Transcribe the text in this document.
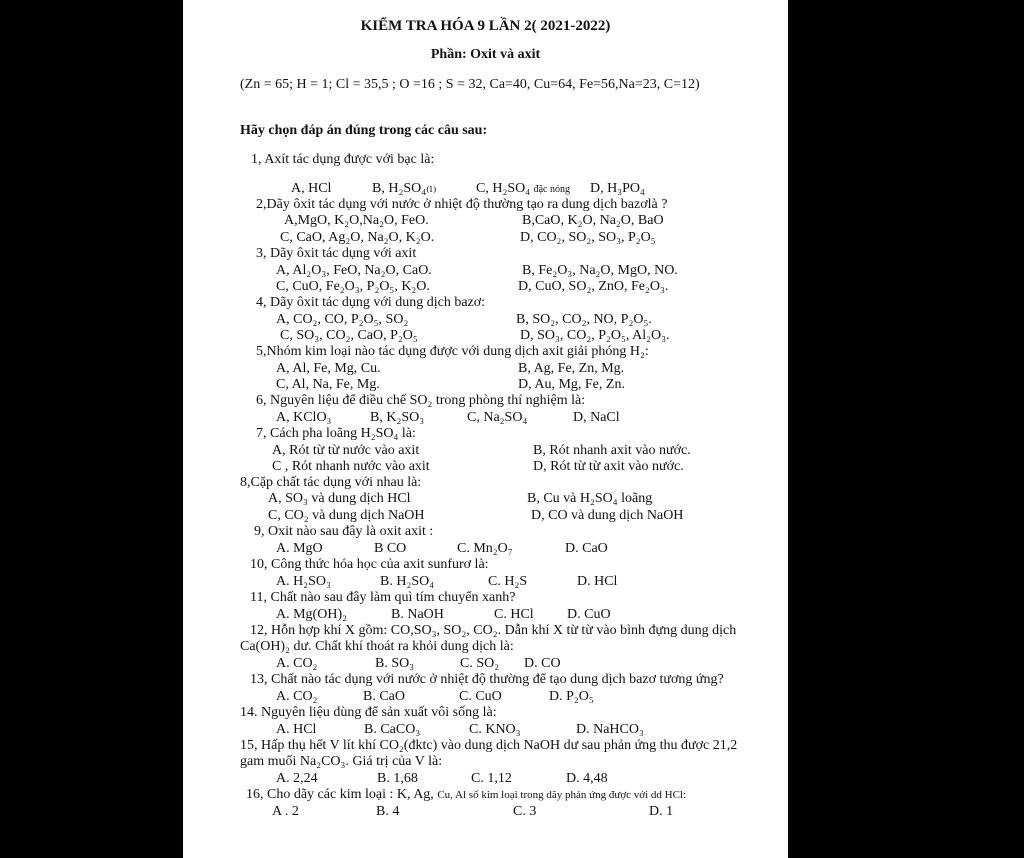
KIỂM TRA HÓA 9 LẦN 2( 2021-2022)
Phần: Oxit và axit
(Zn = 65; H = 1; Cl = 35,5 ; O =16 ; S = 32, Ca=40, Cu=64, Fe=56,Na=23, C=12)
Hãy chọn đáp án đúng trong các câu sau:
1, Axít tác dụng được với bạc là:
A, HCl	B, H₂SO₄₍ₗ₎	C, H₂SO₄ đặc nóng D, H₃PO₄
2,Dãy ôxit tác dụng với nước ở nhiệt độ thường tạo ra dung dịch bazơlà ?
A,MgO, K₂O,Na₂O, FeO.	B,CaO, K₂O, Na₂O, BaO
C, CaO, Ag₂O, Na₂O, K₂O.	D, CO₂, SO₂, SO₃, P₂O₅
3, Dãy ôxit tác dụng với axit
A, Al₂O₃, FeO, Na₂O, CaO.	B, Fe₂O₃, Na₂O, MgO, NO.
C, CuO, Fe₂O₃, P₂O₅, K₂O.	D, CuO, SO₂, ZnO, Fe₂O₃.
4, Dãy ôxit tác dụng với dung dịch bazơ:
A, CO₂, CO, P₂O₅, SO₂	B, SO₂, CO₂, NO, P₂O₅.
C, SO₃, CO₂, CaO, P₂O₅	D, SO₃, CO₂, P₂O₅, Al₂O₃.
5,Nhóm kim loại nào tác dụng được với dung dịch axit giải phóng H₂:
A, Al, Fe, Mg, Cu.	B, Ag, Fe, Zn, Mg.
C, Al, Na, Fe, Mg.	D, Au, Mg, Fe, Zn.
6, Nguyên liệu để điều chế SO₂ trong phòng thí nghiệm là:
A, KClO₃	B, K₂SO₃	C, Na₂SO₄	D, NaCl
7, Cách pha loãng H₂SO₄ là:
A, Rót từ từ nước vào axit	B, Rót nhanh axit vào nước.
C , Rót nhanh nước vào axit	D, Rót từ từ axit vào nước.
8,Cặp chất tác dụng với nhau là:
A, SO₃ và dung dịch HCl	B, Cu và H₂SO₄ loãng
C, CO₂ và dung dịch NaOH	D, CO và dung dịch NaOH
9, Oxit nào sau đây là oxit axit :
A. MgO	B CO	C. Mn₂O₇	D. CaO
10, Công thức hóa học của axit sunfurơ là:
A. H₂SO₃	B. H₂SO₄	C. H₂S	D. HCl
11, Chất nào sau đây làm quì tím chuyển xanh?
A. Mg(OH)₂	B. NaOH	C. HCl D. CuO
12, Hỗn hợp khí X gồm: CO,SO₃, SO₂, CO₂. Dẫn khí X từ từ vào bình đựng dung dịch
Ca(OH)₂ dư. Chất khí thoát ra khỏi dung dịch là:
A. CO₂	B. SO₃	C. SO₂ D. CO
13, Chất nào tác dụng với nước ở nhiệt độ thường để tạo dung dịch bazơ tương ứng?
A. CO₂	B. CaO	C. CuO	D. P₂O₅
14. Nguyên liệu dùng để sản xuất vôi sống là:
A. HCl	B. CaCO₃	C. KNO₃	D. NaHCO₃
15, Hấp thụ hết V lít khí CO₂(đktc) vào dung dịch NaOH dư sau phản ứng thu được 21,2
gam muối Na₂CO₃. Giá trị của V là:
A. 2,24	B. 1,68	C. 1,12	D. 4,48
16, Cho dãy các kim loại : K, Ag, Cu, Al số kim loại trong dãy phản ứng được với dd HCl:
A . 2	B. 4	C. 3	D. 1
